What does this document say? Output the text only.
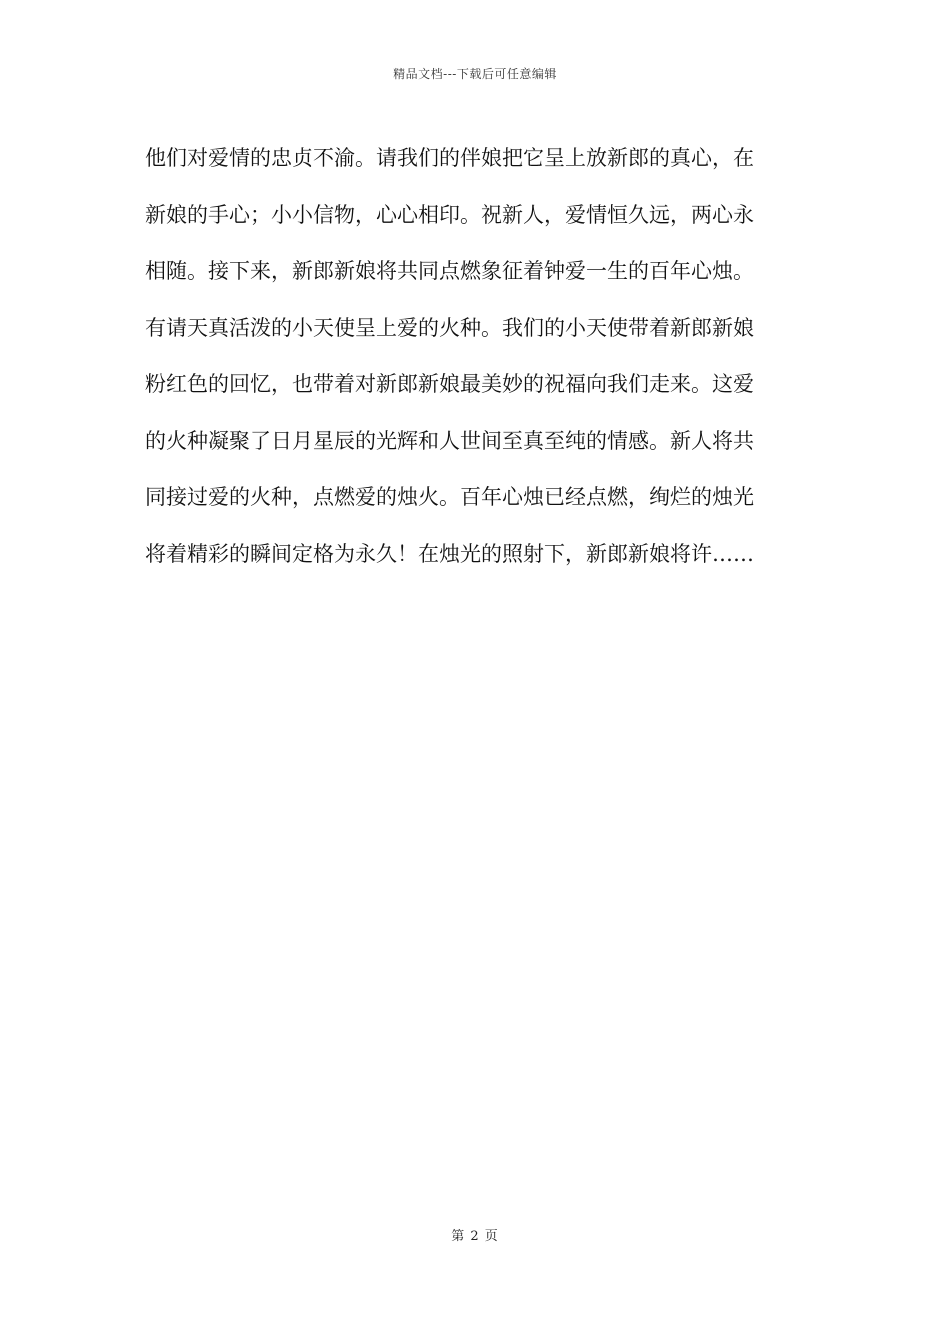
精品文档---下载后可任意编辑
他们对爱情的忠贞不渝。请我们的伴娘把它呈上放新郎的真心，在
新娘的手心；小小信物，心心相印。祝新人，爱情恒久远，两心永
相随。接下来，新郎新娘将共同点燃象征着钟爱一生的百年心烛。
有请天真活泼的小天使呈上爱的火种。我们的小天使带着新郎新娘
粉红色的回忆，也带着对新郎新娘最美妙的祝福向我们走来。这爱
的火种凝聚了日月星辰的光辉和人世间至真至纯的情感。新人将共
同接过爱的火种，点燃爱的烛火。百年心烛已经点燃，绚烂的烛光
将着精彩的瞬间定格为永久！在烛光的照射下，新郎新娘将许……
第 2 页
